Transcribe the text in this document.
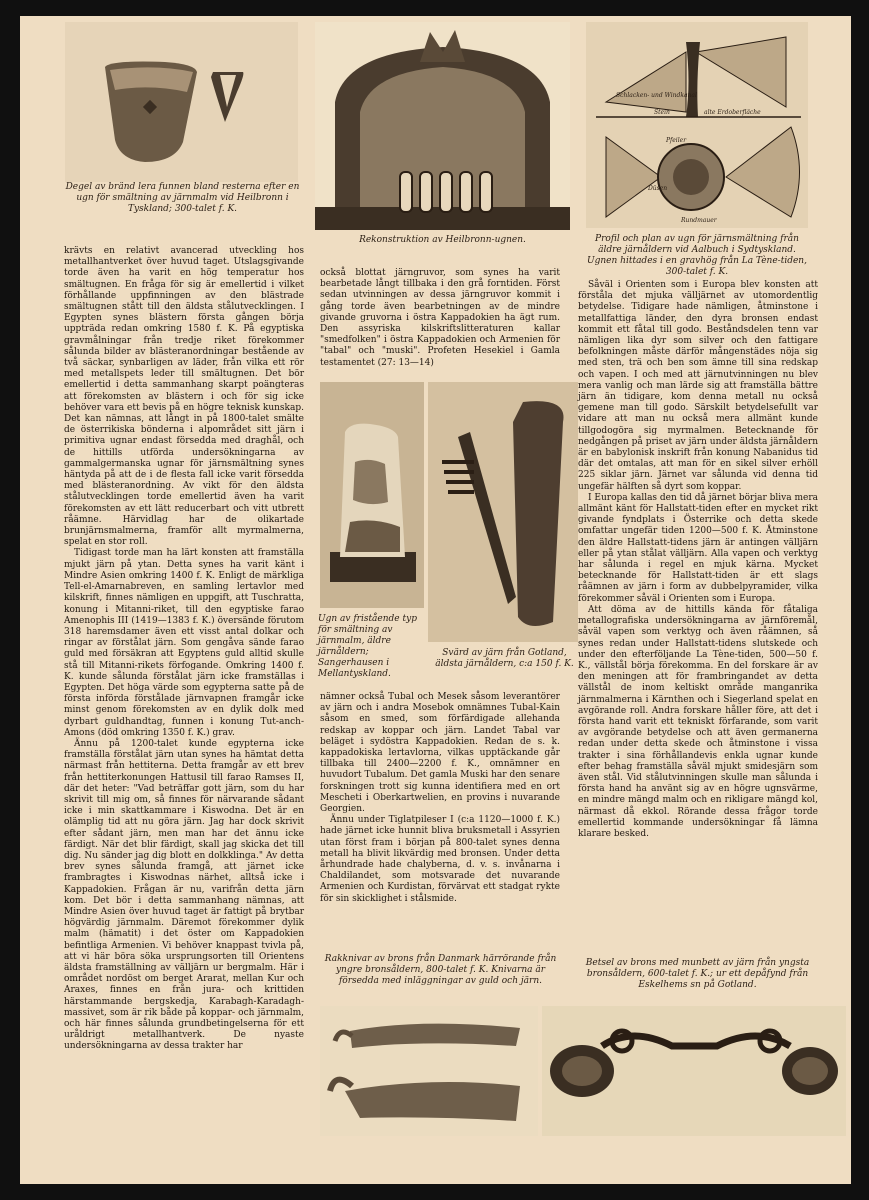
Degel av bränd lera funnen bland resterna efter en ugn för smältning av järnmalm vid Heilbronn i Tyskland; 300-talet f. K.
Rekonstruktion av Heilbronn-ugnen.
Schlacken- und Windkanal
Stein	alte Erdoberfläche
Pfeiler
Düsen
Rundmauer
Profil och plan av ugn för järnsmältning från äldre järnåldern vid Aalbuch i Sydtyskland. Ugnen hittades i en gravhög från La Tène-tiden, 300-talet f. K.

krävts en relativt avancerad utveckling hos metallhantverket över huvud taget. Utslagsgivande torde även ha varit en hög temperatur hos smältugnen. En fråga för sig är emellertid i vilket förhållande uppfinningen av den blästrade smältugnen stått till den äldsta stålutvecklingen. I Egypten synes blästern första gången börja uppträda redan omkring 1580 f. K. På egyptiska gravmålningar från tredje riket förekommer sålunda bilder av blästeranordningar bestående av två säckar, synbarligen av läder, från vilka ett rör med metallspets leder till smältugnen. Det bör emellertid i detta sammanhang skarpt poängteras att förekomsten av blästern i och för sig icke behöver vara ett bevis på en högre teknisk kunskap. Det kan nämnas, att långt in på 1800-talet smälte de österrikiska bönderna i alpområdet sitt järn i primitiva ugnar endast försedda med draghål, och de hittills utförda undersökningarna av gammalgermanska ugnar för järnsmältning synes häntyda på att de i de flesta fall icke varit försedda med blästeranordning. Av vikt för den äldsta stålutvecklingen torde emellertid även ha varit förekomsten av ett lätt reducerbart och vitt utbrett råämne. Härvidlag har de olikartade brunjärnsmalmerna, framför allt myrmalmerna, spelat en stor roll.

Tidigast torde man ha lärt konsten att framställa mjukt järn på ytan. Detta synes ha varit känt i Mindre Asien omkring 1400 f. K. Enligt de märkliga Tell-el-Amarnabreven, en samling lertavlor med kilskrift, finnes nämligen en uppgift, att Tuschratta, konung i Mitanni-riket, till den egyptiske farao Amenophis III (1419—1383 f. K.) översände förutom 318 haremsdamer även ett visst antal dolkar och ringar av förstålat järn. Som gengåva sände farao guld med försäkran att Egyptens guld alltid skulle stå till Mitanni-rikets förfogande. Omkring 1400 f. K. kunde sålunda förstålat järn icke framställas i Egypten. Det höga värde som egypterna satte på de första införda förstålade järnvapnen framgår icke minst genom förekomsten av en dylik dolk med dyrbart guldhandtag, funnen i konung Tut-anch-Amons (död omkring 1350 f. K.) grav.

Ännu på 1200-talet kunde egypterna icke framställa förstålat järn utan synes ha hämtat detta närmast från hettiterna. Detta framgår av ett brev från hettiterkonungen Hattusil till farao Ramses II, där det heter: "Vad beträffar gott järn, som du har skrivit till mig om, så finnes för närvarande sådant icke i min skattkammare i Kiswodna. Det är en olämplig tid att nu göra järn. Jag har dock skrivit efter sådant järn, men man har det ännu icke färdigt. När det blir färdigt, skall jag skicka det till dig. Nu sänder jag dig blott en dolkklinga." Av detta brev synes sålunda framgå, att järnet icke frambragtes i Kiswodnas närhet, alltså icke i Kappadokien. Frågan är nu, varifrån detta järn kom. Det bör i detta sammanhang nämnas, att Mindre Asien över huvud taget är fattigt på brytbar högvärdig järnmalm. Däremot förekommer dylik malm (hämatit) i det öster om Kappadokien befintliga Armenien. Vi behöver knappast tvivla på, att vi här böra söka ursprungsorten till Orientens äldsta framställning av välljärn ur bergmalm. Här i området nordöst om berget Ararat, mellan Kur och Araxes, finnes en från jura- och krittiden härstammande bergskedja, Karabagh-Karadagh-massivet, som är rik både på koppar- och järnmalm, och här finnes sålunda grundbetingelserna för ett uråldrigt metallhantverk. De nyaste undersökningarna av dessa trakter har

också blottat järngruvor, som synes ha varit bearbetade långt tillbaka i den grå forntiden. Först sedan utvinningen av dessa järngruvor kommit i gång torde även bearbetningen av de mindre givande gruvorna i östra Kappadokien ha ägt rum. Den assyriska kilskriftslitteraturen kallar "smedfolken" i östra Kappadokien och Armenien för "tabal" och "muski". Profeten Hesekiel i Gamla testamentet (27: 13—14)

Ugn av fristående typ för smältning av järnmalm, äldre järnåldern; Sangerhausen i Mellantyskland.
Svärd av järn från Gotland, äldsta järnåldern, c:a 150 f. K.

nämner också Tubal och Mesek såsom leverantörer av järn och i andra Mosebok omnämnes Tubal-Kain såsom en smed, som förfärdigade allehanda redskap av koppar och järn. Landet Tabal var beläget i sydöstra Kappadokien. Redan de s. k. kappadokiska lertavlorna, vilkas upptäckande går tillbaka till 2400—2200 f. K., omnämner en huvudort Tubalum. Det gamla Muski har den senare forskningen trott sig kunna identifiera med en ort Mescheti i Oberkartwelien, en provins i nuvarande Georgien.

Ännu under Tiglatpileser I (c:a 1120—1000 f. K.) hade järnet icke hunnit bliva bruksmetall i Assyrien utan först fram i början på 800-talet synes denna metall ha blivit likvärdig med bronsen. Under detta århundrade hade chalyberna, d. v. s. invånarna i Chaldilandet, som motsvarade det nuvarande Armenien och Kurdistan, förvärvat ett stadgat rykte för sin skicklighet i stålsmide.

Såväl i Orienten som i Europa blev konsten att förståla det mjuka välljärnet av utomordentlig betydelse. Tidigare hade nämligen, åtminstone i metallfattiga länder, den dyra bronsen endast kommit ett fåtal till godo. Beståndsdelen tenn var nämligen lika dyr som silver och den fattigare befolkningen måste därför mångenstädes nöja sig med sten, trä och ben som ämne till sina redskap och vapen. I och med att järnutvinningen nu blev mera vanlig och man lärde sig att framställa bättre järn än tidigare, kom denna metall nu också gemene man till godo. Särskilt betydelsefullt var vidare att man nu också mera allmänt kunde tillgodogöra sig myrmalmen. Betecknande för nedgången på priset av järn under äldsta järnåldern är en babylonisk inskrift från konung Nabanidus tid där det omtalas, att man för en sikel silver erhöll 225 siklar järn. Järnet var sålunda vid denna tid ungefär hälften så dyrt som koppar.

I Europa kallas den tid då järnet börjar bliva mera allmänt känt för Hallstatt-tiden efter en mycket rikt givande fyndplats i Österrike och detta skede omfattar ungefär tiden 1200—500 f. K. Åtminstone den äldre Hallstatt-tidens järn är antingen välljärn eller på ytan stålat välljärn. Alla vapen och verktyg har sålunda i regel en mjuk kärna. Mycket betecknande för Hallstatt-tiden är ett slags råämnen av järn i form av dubbelpyramider, vilka förekommer såväl i Orienten som i Europa.

Att döma av de hittills kända för fåtaliga metallografiska undersökningarna av järnföremål, såväl vapen som verktyg och även råämnen, så synes redan under Hallstatt-tidens slutskede och under den efterföljande La Tène-tiden, 500—50 f. K., vällstål börja förekomma. En del forskare är av den meningen att för frambringandet av detta vällstål de inom keltiskt område manganrika järnmalmerna i Kärnthen och i Siegerland spelat en avgörande roll. Andra forskare håller före, att det i första hand varit ett tekniskt förfarande, som varit av avgörande betydelse och att även germanerna redan under detta skede och åtminstone i vissa trakter i sina förhållandevis enkla ugnar kunde efter behag framställa såväl mjukt smidesjärn som även stål. Vid stålutvinningen skulle man sålunda i första hand ha använt sig av en högre ugnsvärme, en mindre mängd malm och en rikligare mängd kol, närmast då ekkol. Rörande dessa frågor torde emellertid kommande undersökningar få lämna klarare besked.

Rakknivar av brons från Danmark härrörande från yngre bronsåldern, 800-talet f. K. Knivarna är försedda med inläggningar av guld och järn.
Betsel av brons med munbett av järn från yngsta bronsåldern, 600-talet f. K.; ur ett depåfynd från Eskelhems sn på Gotland.
